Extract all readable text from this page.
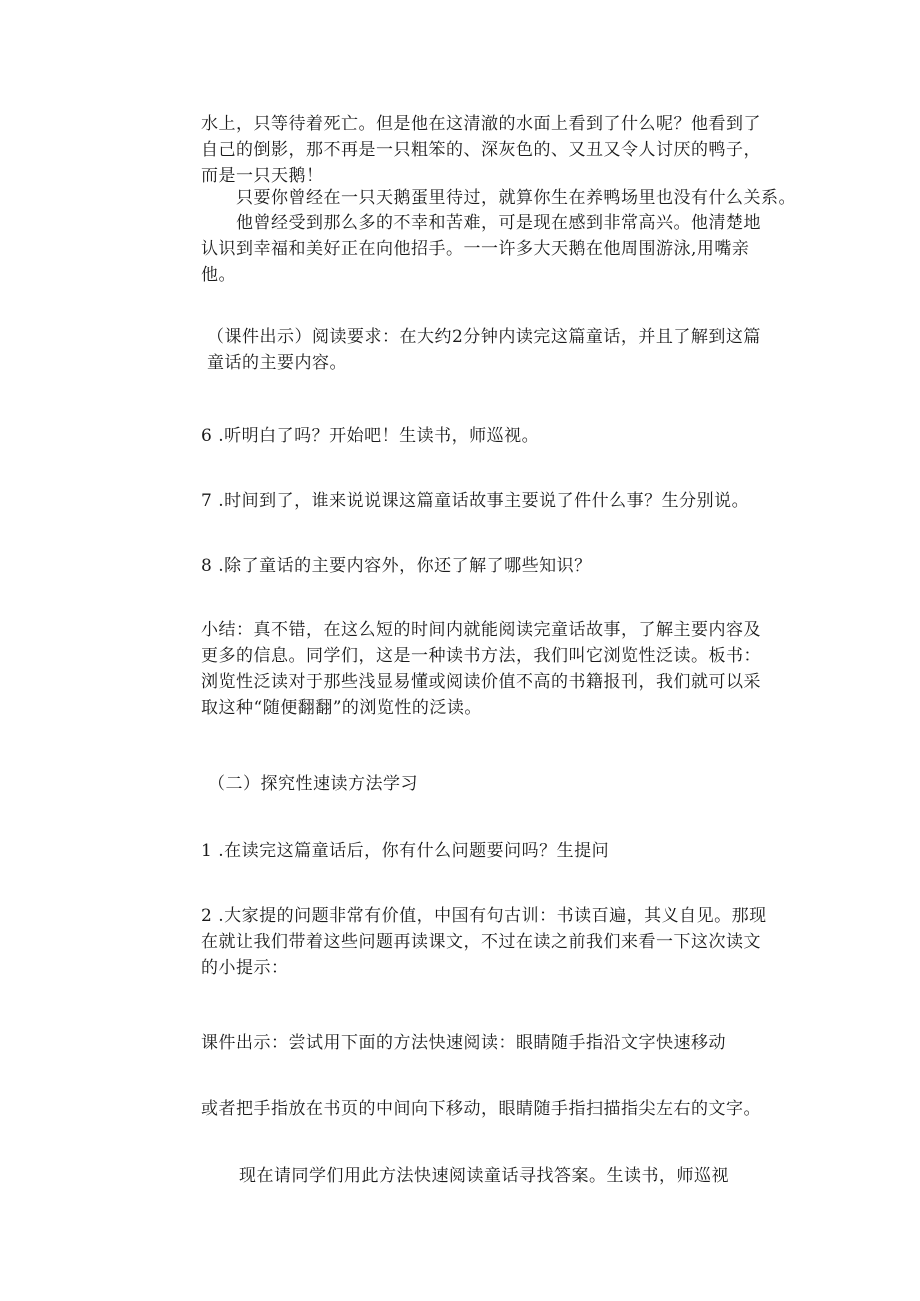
水上，只等待着死亡。但是他在这清澈的水面上看到了什么呢？他看到了自己的倒影，那不再是一只粗笨的、深灰色的、又丑又令人讨厌的鸭子，而是一只天鹅！

只要你曾经在一只天鹅蛋里待过，就算你生在养鸭场里也没有什么关系。

他曾经受到那么多的不幸和苦难，可是现在感到非常高兴。他清楚地认识到幸福和美好正在向他招手。一一许多大天鹅在他周围游泳,用嘴亲他。

（课件出示）阅读要求：在大约2分钟内读完这篇童话，并且了解到这篇童话的主要内容。

6 .听明白了吗？开始吧！生读书，师巡视。

7 .时间到了，谁来说说课这篇童话故事主要说了件什么事？生分别说。

8 .除了童话的主要内容外，你还了解了哪些知识？

小结：真不错，在这么短的时间内就能阅读完童话故事，了解主要内容及更多的信息。同学们，这是一种读书方法，我们叫它浏览性泛读。板书：浏览性泛读对于那些浅显易懂或阅读价值不高的书籍报刊，我们就可以采取这种“随便翻翻”的浏览性的泛读。

（二）探究性速读方法学习

1 .在读完这篇童话后，你有什么问题要问吗？生提问

2 .大家提的问题非常有价值，中国有句古训：书读百遍，其义自见。那现在就让我们带着这些问题再读课文，不过在读之前我们来看一下这次读文的小提示：

课件出示：尝试用下面的方法快速阅读：眼睛随手指沿文字快速移动

或者把手指放在书页的中间向下移动，眼睛随手指扫描指尖左右的文字。

现在请同学们用此方法快速阅读童话寻找答案。生读书，师巡视
